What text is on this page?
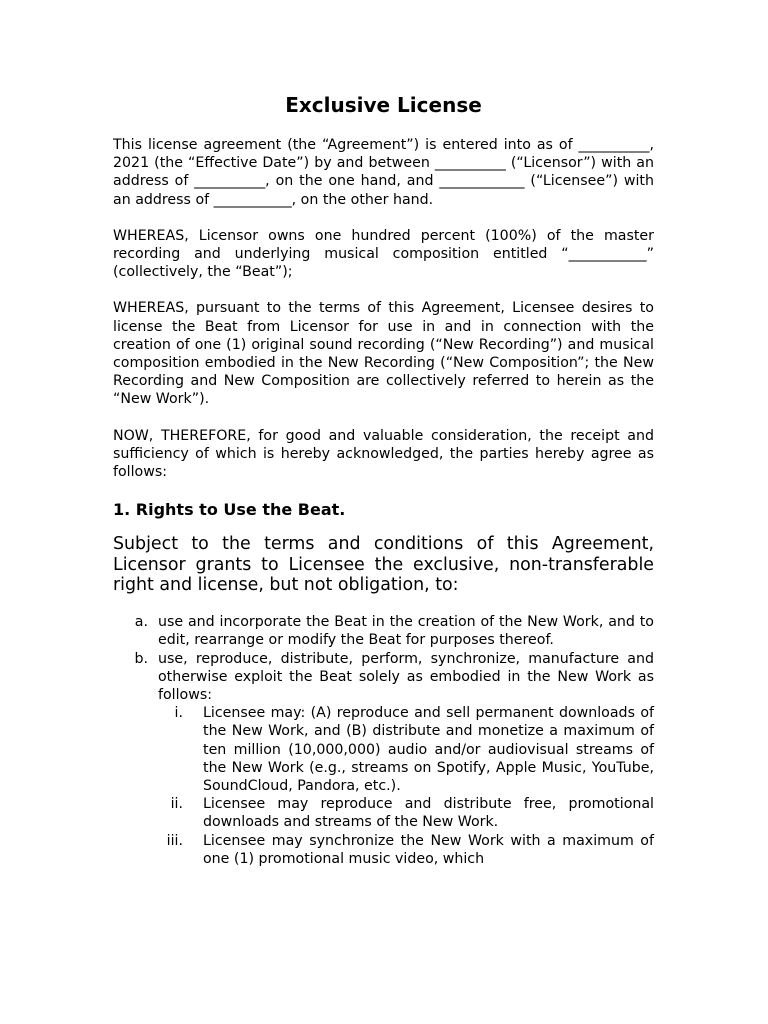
Exclusive License

This license agreement (the “Agreement”) is entered into as of __________, 2021 (the “Effective Date”) by and between __________ (“Licensor”) with an address of __________, on the one hand, and ____________ (“Licensee”) with an address of ___________, on the other hand.

WHEREAS, Licensor owns one hundred percent (100%) of the master recording and underlying musical composition entitled “___________” (collectively, the “Beat”);

WHEREAS, pursuant to the terms of this Agreement, Licensee desires to license the Beat from Licensor for use in and in connection with the creation of one (1) original sound recording (“New Recording”) and musical composition embodied in the New Recording (“New Composition”; the New Recording and New Composition are collectively referred to herein as the “New Work”).

NOW, THEREFORE, for good and valuable consideration, the receipt and sufficiency of which is hereby acknowledged, the parties hereby agree as follows:

1. Rights to Use the Beat.

Subject to the terms and conditions of this Agreement, Licensor grants to Licensee the exclusive, non-transferable right and license, but not obligation, to:

a. use and incorporate the Beat in the creation of the New Work, and to edit, rearrange or modify the Beat for purposes thereof.
b. use, reproduce, distribute, perform, synchronize, manufacture and otherwise exploit the Beat solely as embodied in the New Work as follows:
i. Licensee may: (A) reproduce and sell permanent downloads of the New Work, and (B) distribute and monetize a maximum of ten million (10,000,000) audio and/or audiovisual streams of the New Work (e.g., streams on Spotify, Apple Music, YouTube, SoundCloud, Pandora, etc.).
ii. Licensee may reproduce and distribute free, promotional downloads and streams of the New Work.
iii. Licensee may synchronize the New Work with a maximum of one (1) promotional music video, which
